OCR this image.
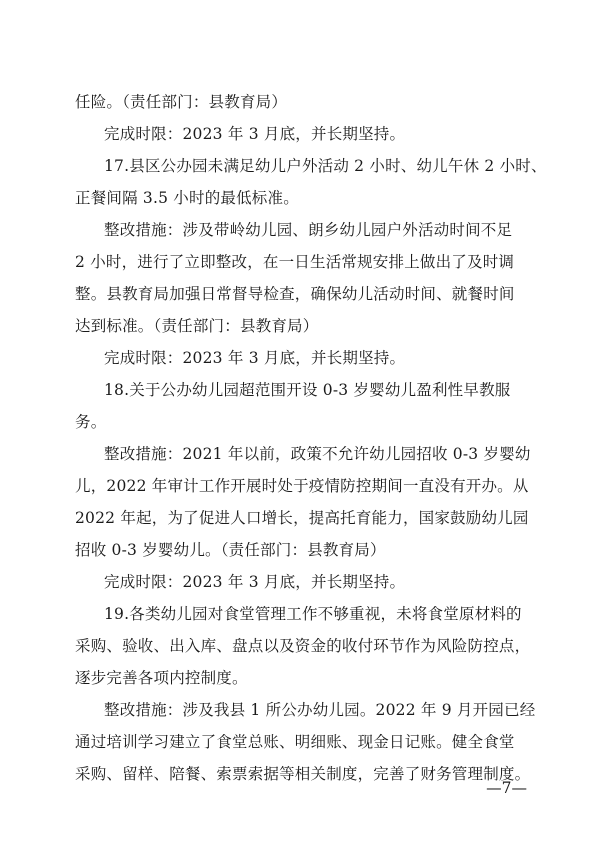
任险。（责任部门：县教育局）
完成时限：2023 年 3 月底，并长期坚持。
17.县区公办园未满足幼儿户外活动 2 小时、幼儿午休 2 小时、
正餐间隔 3.5 小时的最低标准。
整改措施：涉及带岭幼儿园、朗乡幼儿园户外活动时间不足
2 小时，进行了立即整改，在一日生活常规安排上做出了及时调
整。县教育局加强日常督导检查，确保幼儿活动时间、就餐时间
达到标准。（责任部门：县教育局）
完成时限：2023 年 3 月底，并长期坚持。
18.关于公办幼儿园超范围开设 0-3 岁婴幼儿盈利性早教服
务。
整改措施：2021 年以前，政策不允许幼儿园招收 0-3 岁婴幼
儿，2022 年审计工作开展时处于疫情防控期间一直没有开办。从
2022 年起，为了促进人口增长，提高托育能力，国家鼓励幼儿园
招收 0-3 岁婴幼儿。（责任部门：县教育局）
完成时限：2023 年 3 月底，并长期坚持。
19.各类幼儿园对食堂管理工作不够重视，未将食堂原材料的
采购、验收、出入库、盘点以及资金的收付环节作为风险防控点，
逐步完善各项内控制度。
整改措施：涉及我县 1 所公办幼儿园。2022 年 9 月开园已经
通过培训学习建立了食堂总账、明细账、现金日记账。健全食堂
采购、留样、陪餐、索票索据等相关制度，完善了财务管理制度。
—7—
